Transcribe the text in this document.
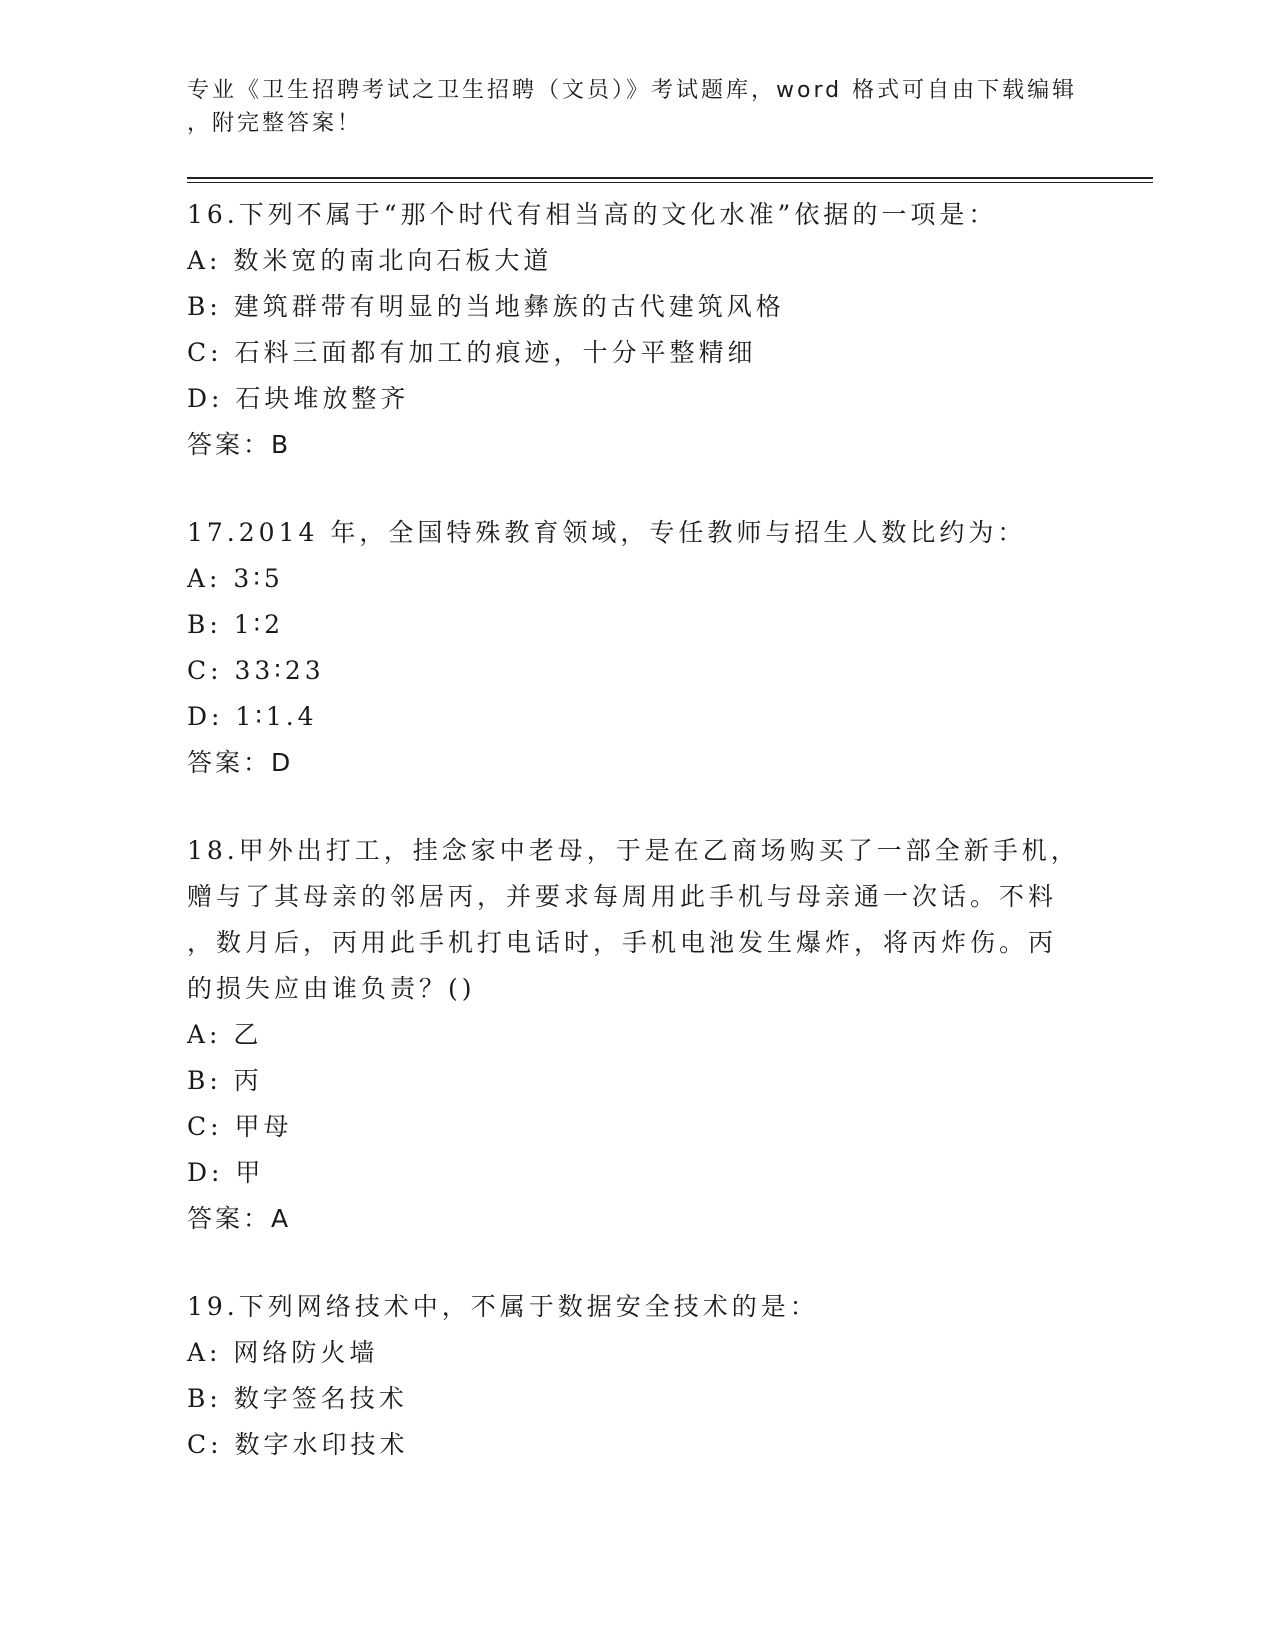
专业《卫生招聘考试之卫生招聘（文员）》考试题库，word 格式可自由下载编辑
，附完整答案！
16.下列不属于“那个时代有相当高的文化水准”依据的一项是：
A: 数米宽的南北向石板大道
B: 建筑群带有明显的当地彝族的古代建筑风格
C: 石料三面都有加工的痕迹，十分平整精细
D: 石块堆放整齐
答案：B
17.2014 年，全国特殊教育领域，专任教师与招生人数比约为：
A: 3∶5
B: 1∶2
C: 33∶23
D: 1∶1.4
答案：D
18.甲外出打工，挂念家中老母，于是在乙商场购买了一部全新手机，
赠与了其母亲的邻居丙，并要求每周用此手机与母亲通一次话。不料
，数月后，丙用此手机打电话时，手机电池发生爆炸，将丙炸伤。丙
的损失应由谁负责？()
A: 乙
B: 丙
C: 甲母
D: 甲
答案：A
19.下列网络技术中，不属于数据安全技术的是：
A: 网络防火墙
B: 数字签名技术
C: 数字水印技术
